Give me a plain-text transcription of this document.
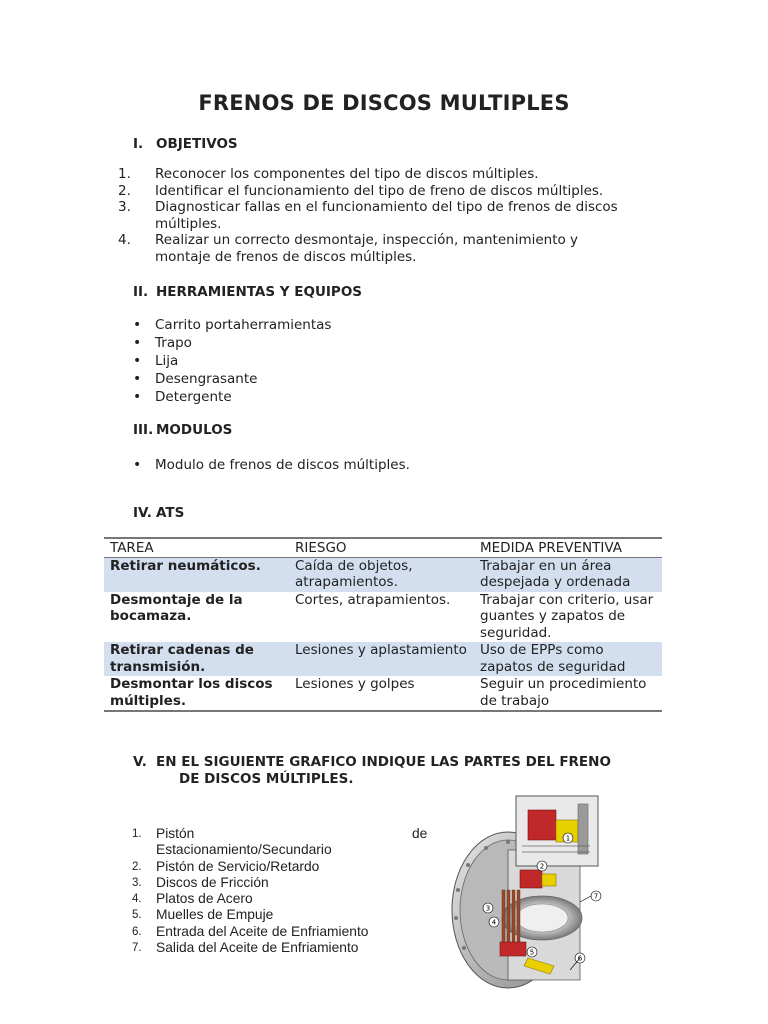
FRENOS DE DISCOS MULTIPLES
I. OBJETIVOS
1. Reconocer los componentes del tipo de discos múltiples.
2. Identificar el funcionamiento del tipo de freno de discos múltiples.
3. Diagnosticar fallas en el funcionamiento del tipo de frenos de discos múltiples.
4. Realizar un correcto desmontaje, inspección, mantenimiento y montaje de frenos de discos múltiples.
II. HERRAMIENTAS Y EQUIPOS
• Carrito portaherramientas
• Trapo
• Lija
• Desengrasante
• Detergente
III. MODULOS
• Modulo de frenos de discos múltiples.
IV. ATS
TAREA	RIESGO	MEDIDA PREVENTIVA
Retirar neumáticos.	Caída de objetos, atrapamientos.	Trabajar en un área despejada y ordenada
Desmontaje de la bocamaza.	Cortes, atrapamientos.	Trabajar con criterio, usar guantes y zapatos de seguridad.
Retirar cadenas de transmisión.	Lesiones y aplastamiento	Uso de EPPs como zapatos de seguridad
Desmontar los discos múltiples.	Lesiones y golpes	Seguir un procedimiento de trabajo
V. EN EL SIGUIENTE GRAFICO INDIQUE LAS PARTES DEL FRENO
DE DISCOS MÚLTIPLES.
1. Pistón Estacionamiento/Secundario
2. Pistón de Servicio/Retardo
3. Discos de Fricción
4. Platos de Acero
5. Muelles de Empuje
6. Entrada del Aceite de Enfriamiento
7. Salida del Aceite de Enfriamiento
de	1
2
3
4
5
6
7
